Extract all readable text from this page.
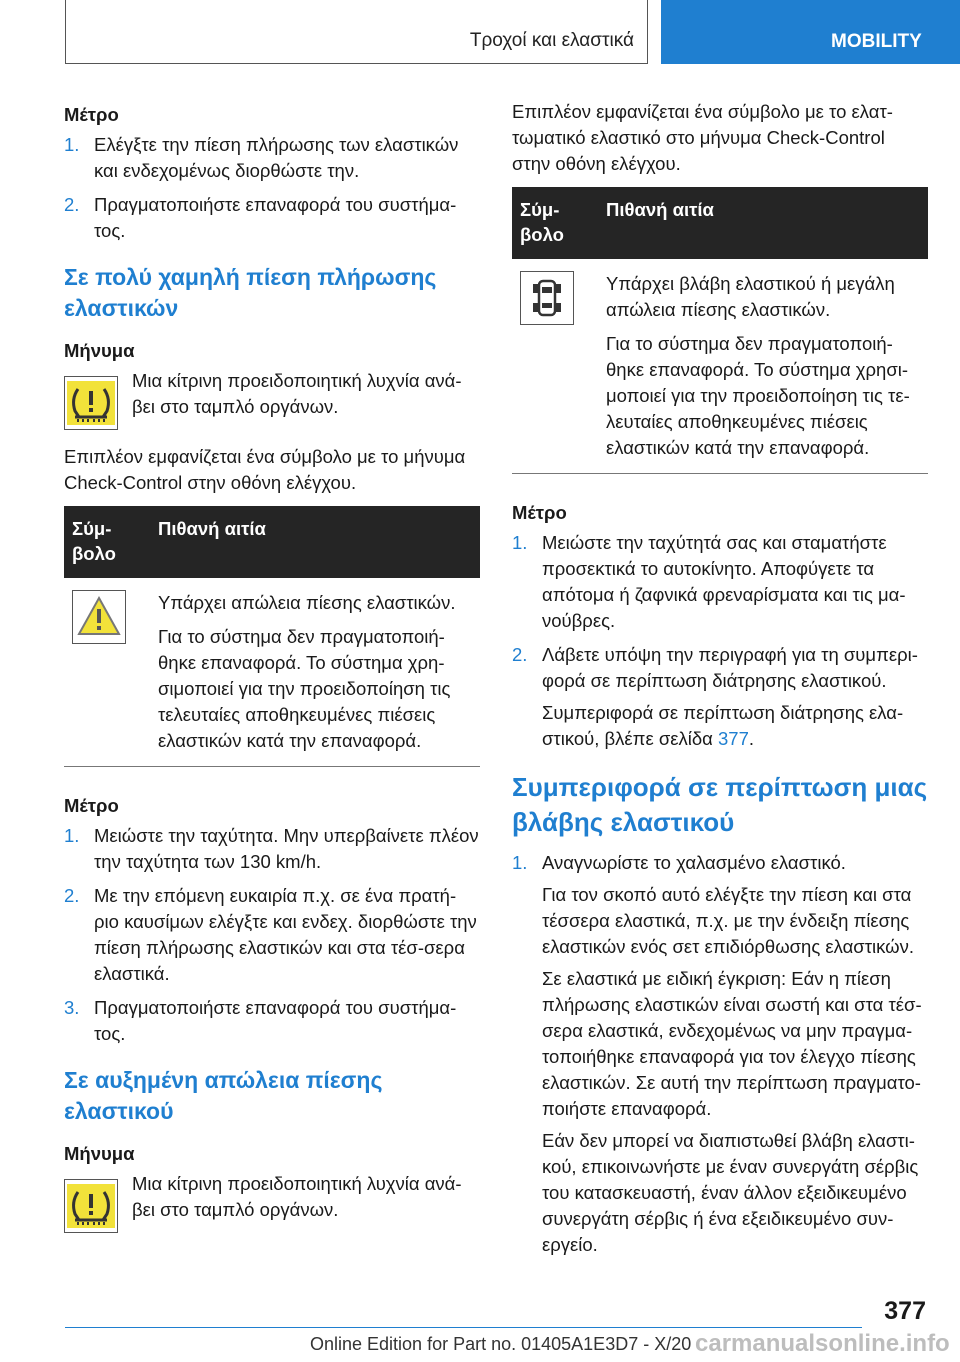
Τροχοί και ελαστικά	MOBILITY
Μέτρο
1. Ελέγξτε την πίεση πλήρωσης των ελαστικών και ενδεχομένως διορθώστε την.
2. Πραγματοποιήστε επαναφορά του συστήμα‐τος.
Σε πολύ χαμηλή πίεση πλήρωσης ελαστικών
Μήνυμα
Μια κίτρινη προειδοποιητική λυχνία ανά‐βει στο ταμπλό οργάνων.
Επιπλέον εμφανίζεται ένα σύμβολο με το μήνυμα Check-Control στην οθόνη ελέγχου.
Σύμ‐βολο	Πιθανή αιτία

Υπάρχει απώλεια πίεσης ελαστικών.

Για το σύστημα δεν πραγματοποιή‐θηκε επαναφορά. Το σύστημα χρη‐σιμοποιεί για την προειδοποίηση τις τελευταίες αποθηκευμένες πιέσεις ελαστικών κατά την επαναφορά.

Μέτρο
1. Μειώστε την ταχύτητα. Μην υπερβαίνετε πλέον την ταχύτητα των 130 km/h.
2. Με την επόμενη ευκαιρία π.χ. σε ένα πρατή‐ριο καυσίμων ελέγξτε και ενδεχ. διορθώστε την πίεση πλήρωσης ελαστικών και στα τέσ‐σερα ελαστικά.
3. Πραγματοποιήστε επαναφορά του συστήμα‐τος.
Σε αυξημένη απώλεια πίεσης ελαστικού
Μήνυμα
Μια κίτρινη προειδοποιητική λυχνία ανά‐βει στο ταμπλό οργάνων.
Επιπλέον εμφανίζεται ένα σύμβολο με το ελατ‐τωματικό ελαστικό στο μήνυμα Check-Control στην οθόνη ελέγχου.
Σύμ‐βολο	Πιθανή αιτία

Υπάρχει βλάβη ελαστικού ή μεγάλη απώλεια πίεσης ελαστικών.

Για το σύστημα δεν πραγματοποιή‐θηκε επαναφορά. Το σύστημα χρησι‐μοποιεί για την προειδοποίηση τις τε‐λευταίες αποθηκευμένες πιέσεις ελαστικών κατά την επαναφορά.

Μέτρο
1. Μειώστε την ταχύτητά σας και σταματήστε προσεκτικά το αυτοκίνητο. Αποφύγετε τα απότομα ή ζαφνικά φρεναρίσματα και τις μα‐νούβρες.
2. Λάβετε υπόψη την περιγραφή για τη συμπερι‐φορά σε περίπτωση διάτρησης ελαστικού.
Συμπεριφορά σε περίπτωση διάτρησης ελα‐στικού, βλέπε σελίδα 377.
Συμπεριφορά σε περίπτωση μιας βλάβης ελαστικού
1. Αναγνωρίστε το χαλασμένο ελαστικό.
Για τον σκοπό αυτό ελέγξτε την πίεση και στα τέσσερα ελαστικά, π.χ. με την ένδειξη πίεσης ελαστικών ενός σετ επιδιόρθωσης ελαστικών.
Σε ελαστικά με ειδική έγκριση: Εάν η πίεση πλήρωσης ελαστικών είναι σωστή και στα τέσ‐σερα ελαστικά, ενδεχομένως να μην πραγμα‐τοποιήθηκε επαναφορά για τον έλεγχο πίεσης ελαστικών. Σε αυτή την περίπτωση πραγματο‐ποιήστε επαναφορά.
Εάν δεν μπορεί να διαπιστωθεί βλάβη ελαστι‐κού, επικοινωνήστε με έναν συνεργάτη σέρβις του κατασκευαστή, έναν άλλον εξειδικευμένο συνεργάτη σέρβις ή ένα εξειδικευμένο συν‐εργείο.
377
Online Edition for Part no. 01405A1E3D7 - X/20 carmanualsonline.info
